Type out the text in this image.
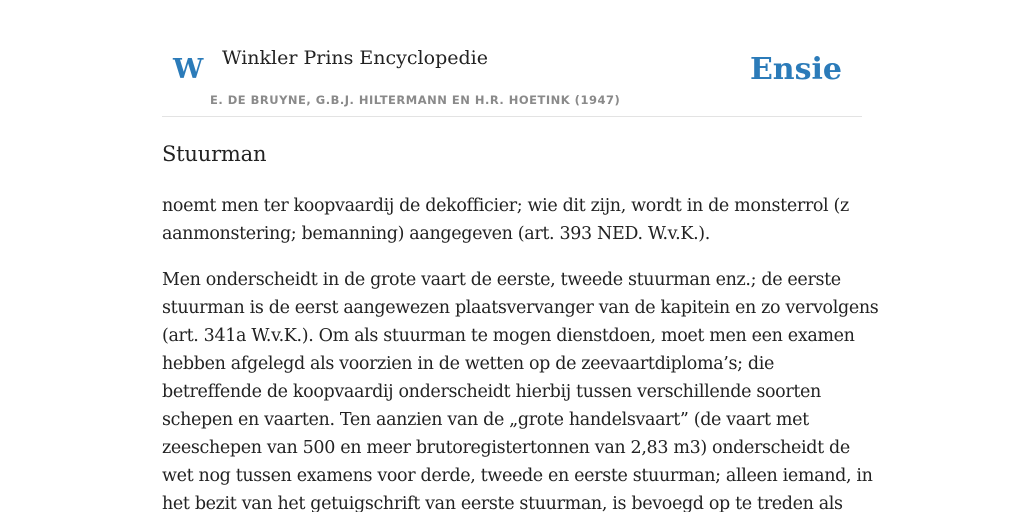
W Winkler Prins Encyclopedie
E. DE BRUYNE, G.B.J. HILTERMANN EN H.R. HOETINK (1947)
Ensie
Stuurman
noemt men ter koopvaardij de dekofficier; wie dit zijn, wordt in de monsterrol (z
aanmonstering; bemanning) aangegeven (art. 393 NED. W.v.K.).
Men onderscheidt in de grote vaart de eerste, tweede stuurman enz.; de eerste
stuurman is de eerst aangewezen plaatsvervanger van de kapitein en zo vervolgens
(art. 341a W.v.K.). Om als stuurman te mogen dienstdoen, moet men een examen
hebben afgelegd als voorzien in de wetten op de zeevaartdiploma’s; die
betreffende de koopvaardij onderscheidt hierbij tussen verschillende soorten
schepen en vaarten. Ten aanzien van de „grote handelsvaart” (de vaart met
zeeschepen van 500 en meer brutoregistertonnen van 2,83 m3) onderscheidt de
wet nog tussen examens voor derde, tweede en eerste stuurman; alleen iemand, in
het bezit van het getuigschrift van eerste stuurman, is bevoegd op te treden als
